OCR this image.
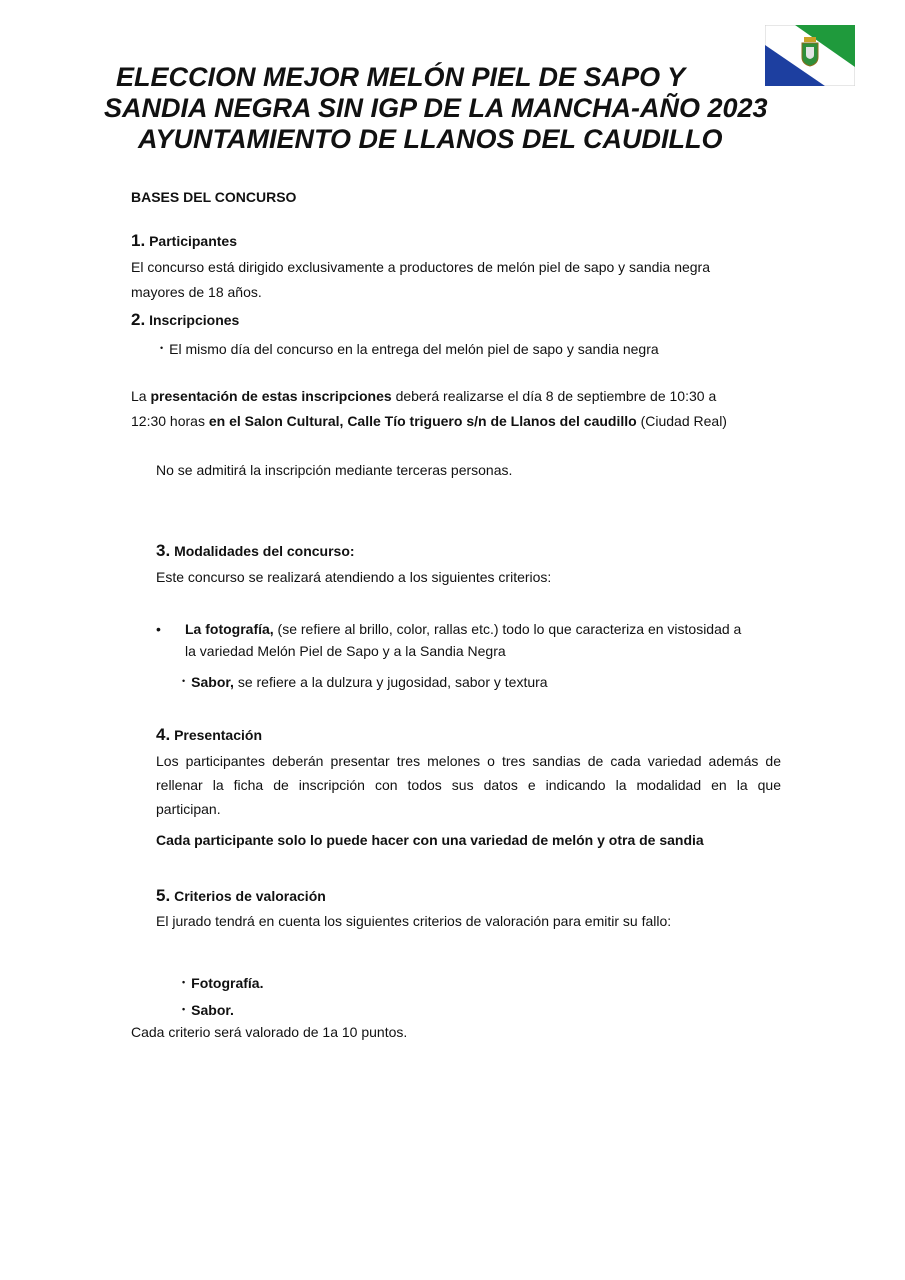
ELECCION MEJOR MELÓN PIEL DE SAPO Y
SANDIA NEGRA SIN IGP DE LA MANCHA-AÑO 2023
AYUNTAMIENTO DE LLANOS DEL CAUDILLO
BASES DEL CONCURSO
1. Participantes
El concurso está dirigido exclusivamente a productores de melón piel de sapo y sandia negra
mayores de 18 años.
2. Inscripciones
• El mismo día del concurso en la entrega del melón piel de sapo y sandia negra
La presentación de estas inscripciones deberá realizarse el día 8 de septiembre de 10:30 a
12:30 horas en el Salon Cultural, Calle Tío triguero s/n de Llanos del caudillo (Ciudad Real)
No se admitirá la inscripción mediante terceras personas.
3. Modalidades del concurso:
Este concurso se realizará atendiendo a los siguientes criterios:
• La fotografía, (se refiere al brillo, color, rallas etc.) todo lo que caracteriza en vistosidad a
la variedad Melón Piel de Sapo y a la Sandia Negra
• Sabor, se refiere a la dulzura y jugosidad, sabor y textura
4. Presentación
Los participantes deberán presentar tres melones o tres sandias de cada variedad además de
rellenar la ficha de inscripción con todos sus datos e indicando la modalidad en la que
participan.
Cada participante solo lo puede hacer con una variedad de melón y otra de sandia
5. Criterios de valoración
El jurado tendrá en cuenta los siguientes criterios de valoración para emitir su fallo:
• Fotografía.
• Sabor.
Cada criterio será valorado de 1a 10 puntos.
